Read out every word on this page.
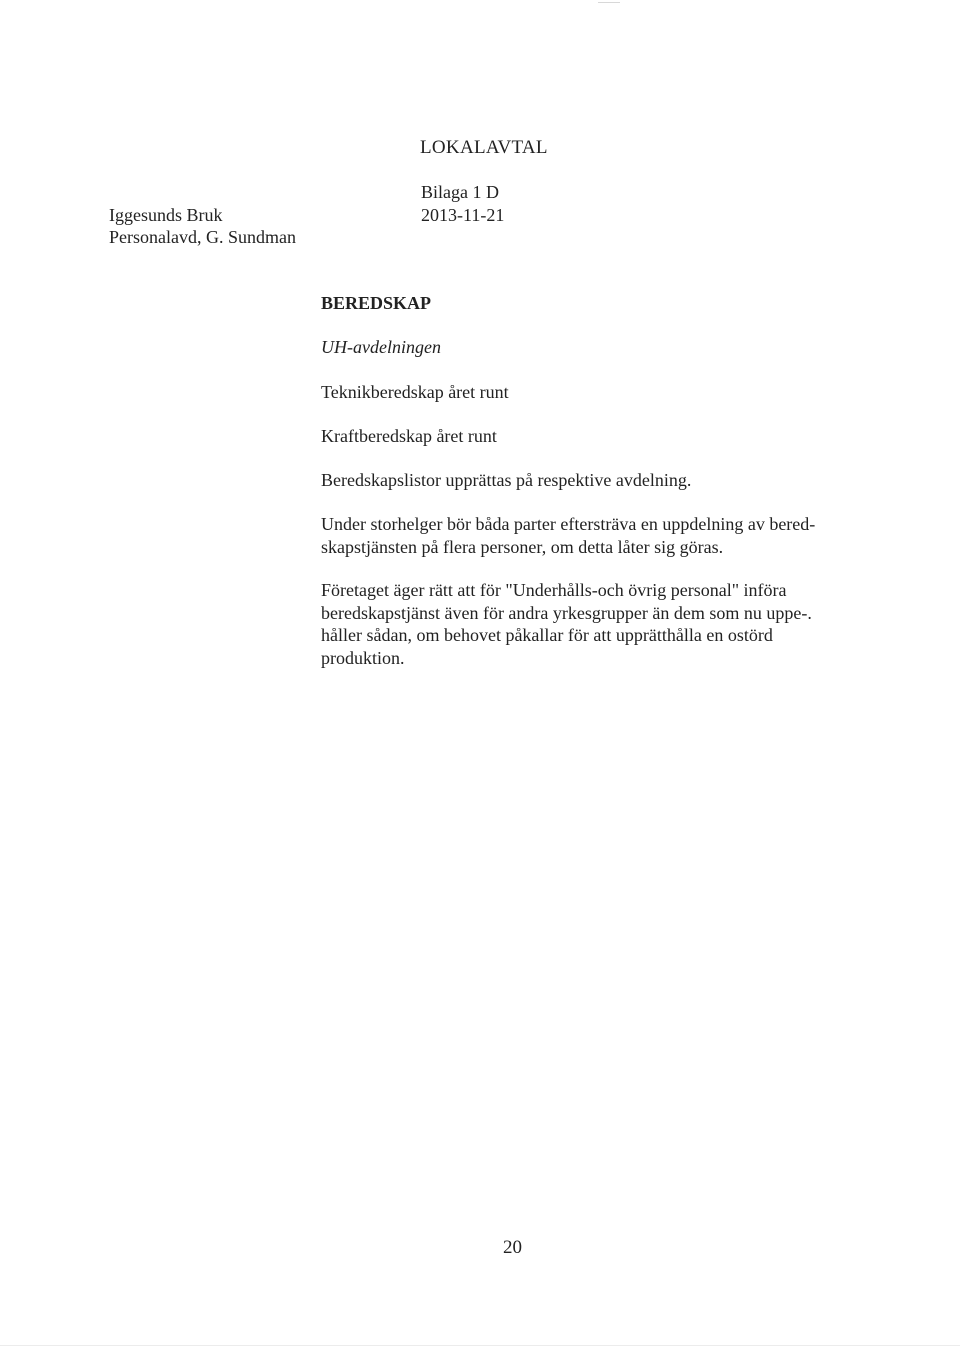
LOKALAVTAL
Bilaga 1 D
Iggesunds Bruk	2013-11-21
Personalavd, G. Sundman
BEREDSKAP
UH-avdelningen
Teknikberedskap året runt
Kraftberedskap året runt
Beredskapslistor upprättas på respektive avdelning.

Under storhelger bör båda parter eftersträva en uppdelning av bered-

skapstjänsten på flera personer, om detta låter sig göras.

Företaget äger rätt att för "Underhålls-och övrig personal" införa

beredskapstjänst även för andra yrkesgrupper än dem som nu uppe-.

håller sådan, om behovet påkallar för att upprätthålla en ostörd

produktion.

20
